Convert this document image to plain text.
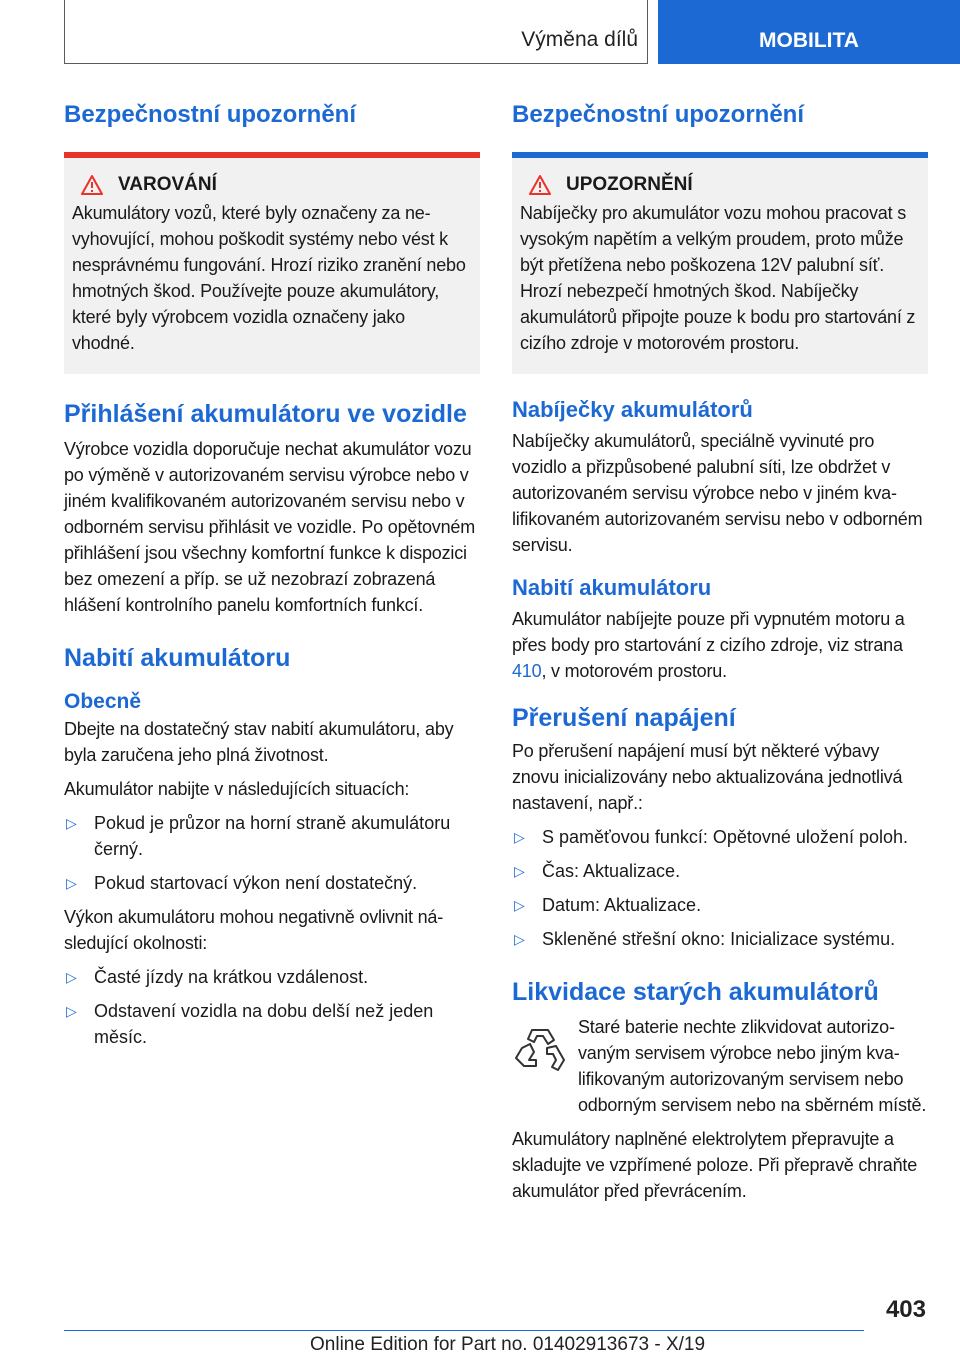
Výměna dílů	MOBILITA
Bezpečnostní upozornění
VAROVÁNÍ

Akumulátory vozů, které byly označeny za nevyhovující, mohou poškodit systémy nebo vést k nesprávnému fungování. Hrozí riziko zranění nebo hmotných škod. Používejte pouze akumulátory, které byly výrobcem vozidla označeny jako vhodné.

Přihlášení akumulátoru ve vozidle

Výrobce vozidla doporučuje nechat akumulátor vozu po výměně v autorizovaném servisu výrobce nebo v jiném kvalifikovaném autorizovaném servisu nebo v odborném servisu přihlásit ve vozidle. Po opětovném přihlášení jsou všechny komfortní funkce k dispozici bez omezení a příp. se už nezobrazí zobrazená hlášení kontrolního panelu komfortních funkcí.

Nabití akumulátoru
Obecně

Dbejte na dostatečný stav nabití akumulátoru, aby byla zaručena jeho plná životnost.

Akumulátor nabijte v následujících situacích:

▷ Pokud je průzor na horní straně akumulátoru černý.
▷ Pokud startovací výkon není dostatečný.

Výkon akumulátoru mohou negativně ovlivnit následující okolnosti:

▷ Časté jízdy na krátkou vzdálenost.
▷ Odstavení vozidla na dobu delší než jeden měsíc.
Bezpečnostní upozornění
UPOZORNĚNÍ

Nabíječky pro akumulátor vozu mohou pracovat s vysokým napětím a velkým proudem, proto může být přetížena nebo poškozena 12V palubní síť. Hrozí nebezpečí hmotných škod. Nabíječky akumulátorů připojte pouze k bodu pro startování z cizího zdroje v motorovém prostoru.

Nabíječky akumulátorů

Nabíječky akumulátorů, speciálně vyvinuté pro vozidlo a přizpůsobené palubní síti, lze obdržet v autorizovaném servisu výrobce nebo v jiném kvalifikovaném autorizovaném servisu nebo v odborném servisu.

Nabití akumulátoru

Akumulátor nabíjejte pouze při vypnutém motoru a přes body pro startování z cizího zdroje, viz strana 410, v motorovém prostoru.

Přerušení napájení

Po přerušení napájení musí být některé výbavy znovu inicializovány nebo aktualizována jednotlivá nastavení, např.:

▷ S paměťovou funkcí: Opětovné uložení poloh.
▷ Čas: Aktualizace.
▷ Datum: Aktualizace.
▷ Skleněné střešní okno: Inicializace systému.
Likvidace starých akumulátorů

Staré baterie nechte zlikvidovat autorizovaným servisem výrobce nebo jiným kvalifikovaným autorizovaným servisem nebo odborným servisem nebo na sběrném místě.

Akumulátory naplněné elektrolytem přepravujte a skladujte ve vzpřímené poloze. Při přepravě chraňte akumulátor před převrácením.

403
Online Edition for Part no. 01402913673 - X/19
